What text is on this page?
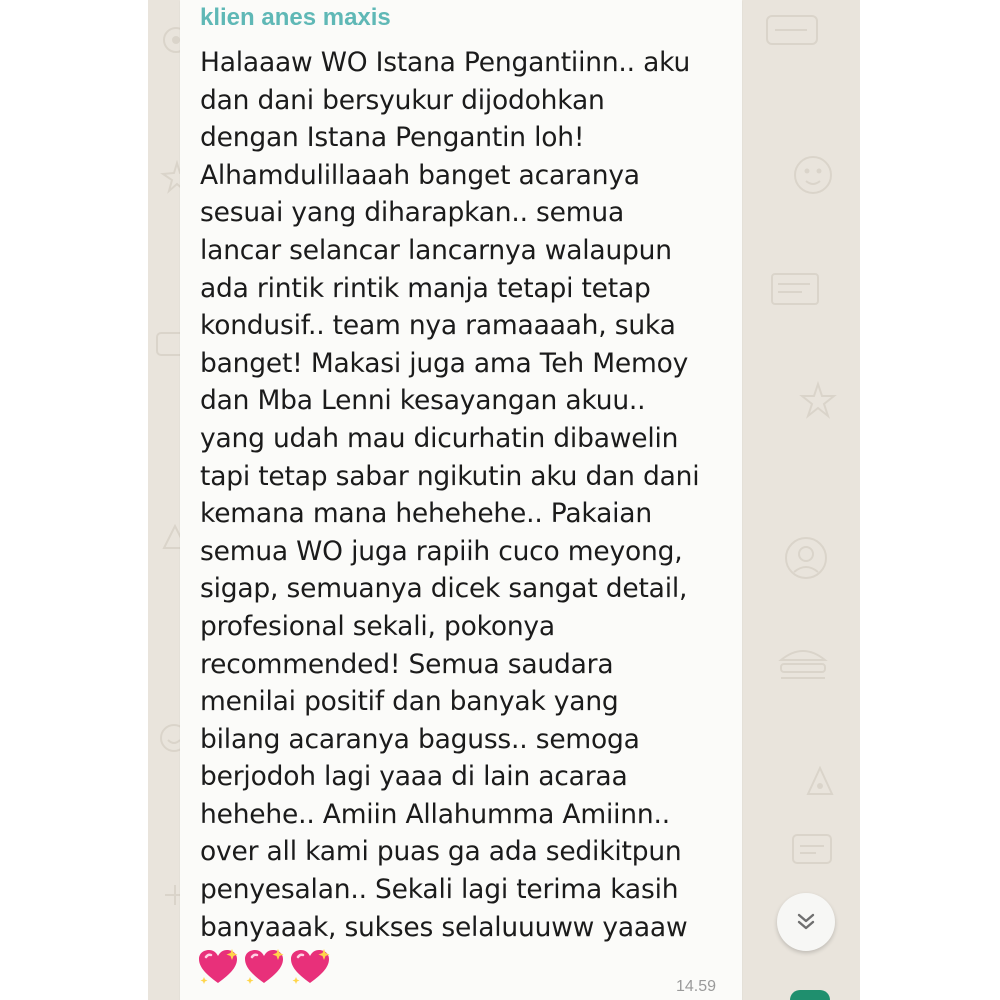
klien anes maxis
Halaaaw WO Istana Pengantiinn.. aku
dan dani bersyukur dijodohkan
dengan Istana Pengantin loh!
Alhamdulillaaah banget acaranya
sesuai yang diharapkan.. semua
lancar selancar lancarnya walaupun
ada rintik rintik manja tetapi tetap
kondusif.. team nya ramaaaah, suka
banget! Makasi juga ama Teh Memoy
dan Mba Lenni kesayangan akuu..
yang udah mau dicurhatin dibawelin
tapi tetap sabar ngikutin aku dan dani
kemana mana hehehehe.. Pakaian
semua WO juga rapiih cuco meyong,
sigap, semuanya dicek sangat detail,
profesional sekali, pokonya
recommended! Semua saudara
menilai positif dan banyak yang
bilang acaranya baguss.. semoga
berjodoh lagi yaaa di lain acaraa
hehehe.. Amiin Allahumma Amiinn..
over all kami puas ga ada sedikitpun
penyesalan.. Sekali lagi terima kasih
banyaaak, sukses selaluuuww yaaaw
14.59
